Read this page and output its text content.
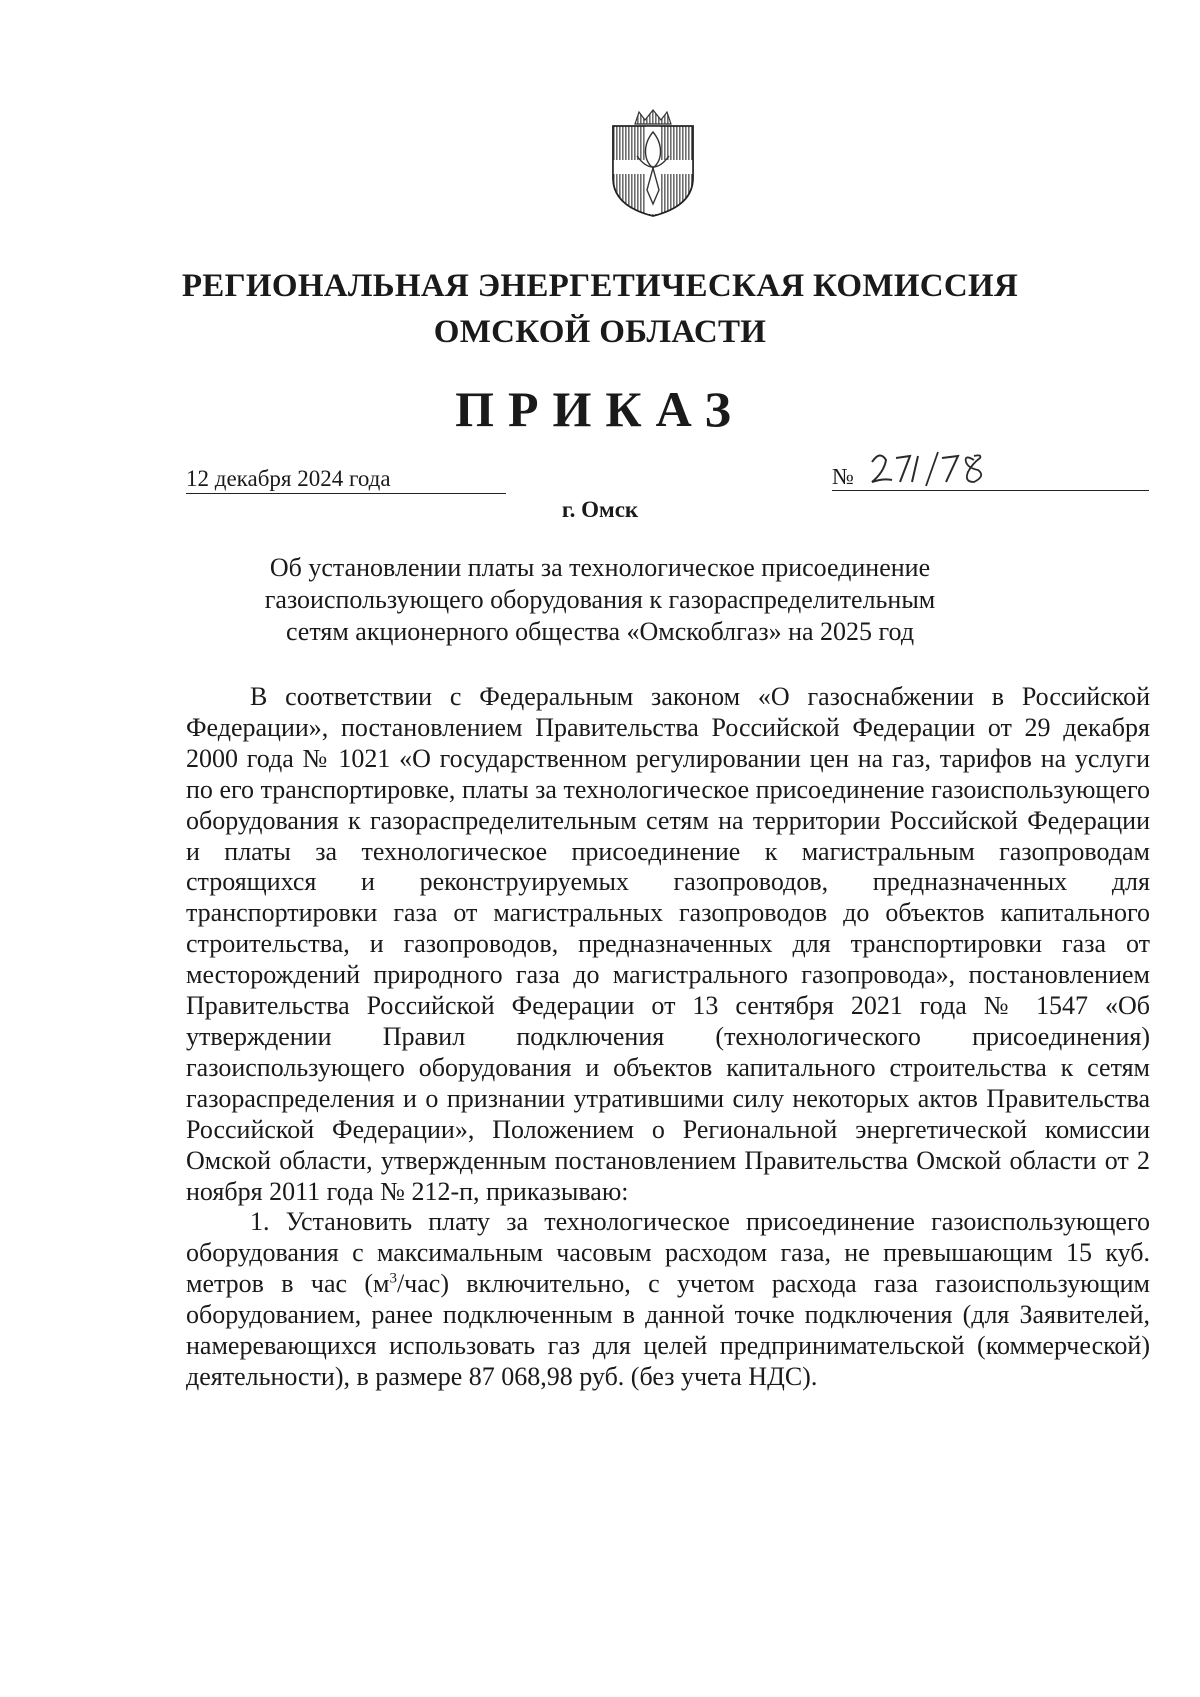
РЕГИОНАЛЬНАЯ ЭНЕРГЕТИЧЕСКАЯ КОМИССИЯ
ОМСКОЙ ОБЛАСТИ
ПРИКАЗ
12 декабря 2024 года	№
г. Омск
Об установлении платы за технологическое присоединение
газоиспользующего оборудования к газораспределительным
сетям акционерного общества «Омскоблгаз» на 2025 год

В соответствии с Федеральным законом «О газоснабжении в Российской Федерации», постановлением Правительства Российской Федерации от 29 декабря 2000 года № 1021 «О государственном регулировании цен на газ, тарифов на услуги по его транспортировке, платы за технологическое присоединение газоиспользующего оборудования к газораспределительным сетям на территории Российской Федерации и платы за технологическое присоединение к магистральным газопроводам строящихся и реконструируемых газопроводов, предназначенных для транспортировки газа от магистральных газопроводов до объектов капитального строительства, и газопроводов, предназначенных для транспортировки газа от месторождений природного газа до магистрального газопровода», постановлением Правительства Российской Федерации от 13 сентября 2021 года № 1547 «Об утверждении Правил подключения (технологического присоединения) газоиспользующего оборудования и объектов капитального строительства к сетям газораспределения и о признании утратившими силу некоторых актов Правительства Российской Федерации», Положением о Региональной энергетической комиссии Омской области, утвержденным постановлением Правительства Омской области от 2 ноября 2011 года № 212-п, приказываю:

1. Установить плату за технологическое присоединение газоиспользующего оборудования с максимальным часовым расходом газа, не превышающим 15 куб. метров в час $(м^3/час)$ включительно, с учетом расхода газа газоиспользующим оборудованием, ранее подключенным в данной точке подключения (для Заявителей, намеревающихся использовать газ для целей предпринимательской (коммерческой) деятельности), в размере 87 068,98 руб. (без учета НДС).
